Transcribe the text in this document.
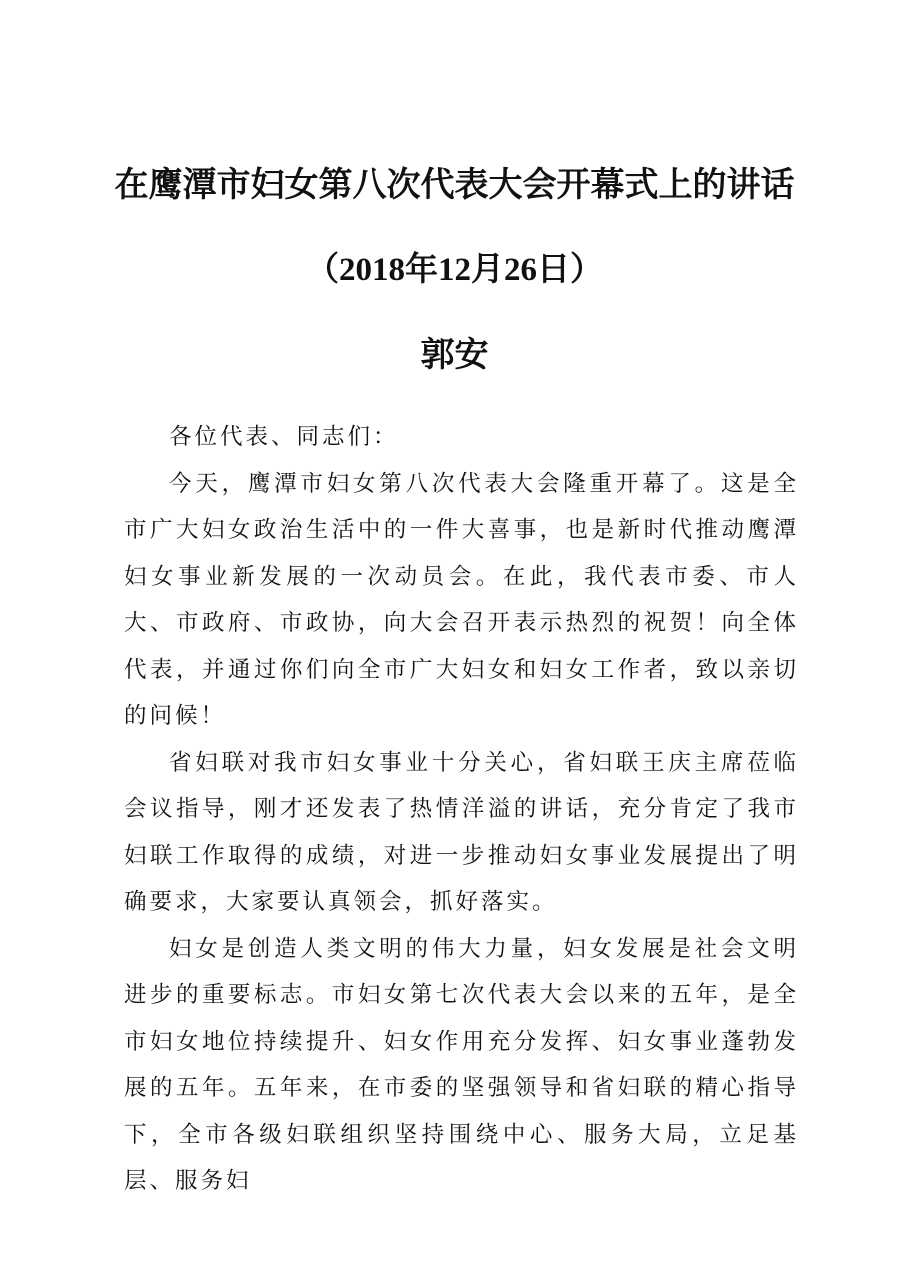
在鹰潭市妇女第八次代表大会开幕式上的讲话
（2018年12月26日）
郭安

各位代表、同志们：

今天，鹰潭市妇女第八次代表大会隆重开幕了。这是全市广大妇女政治生活中的一件大喜事，也是新时代推动鹰潭妇女事业新发展的一次动员会。在此，我代表市委、市人大、市政府、市政协，向大会召开表示热烈的祝贺！向全体代表，并通过你们向全市广大妇女和妇女工作者，致以亲切的问候！

省妇联对我市妇女事业十分关心，省妇联王庆主席莅临会议指导，刚才还发表了热情洋溢的讲话，充分肯定了我市妇联工作取得的成绩，对进一步推动妇女事业发展提出了明确要求，大家要认真领会，抓好落实。

妇女是创造人类文明的伟大力量，妇女发展是社会文明进步的重要标志。市妇女第七次代表大会以来的五年，是全市妇女地位持续提升、妇女作用充分发挥、妇女事业蓬勃发展的五年。五年来，在市委的坚强领导和省妇联的精心指导下，全市各级妇联组织坚持围绕中心、服务大局，立足基层、服务妇
